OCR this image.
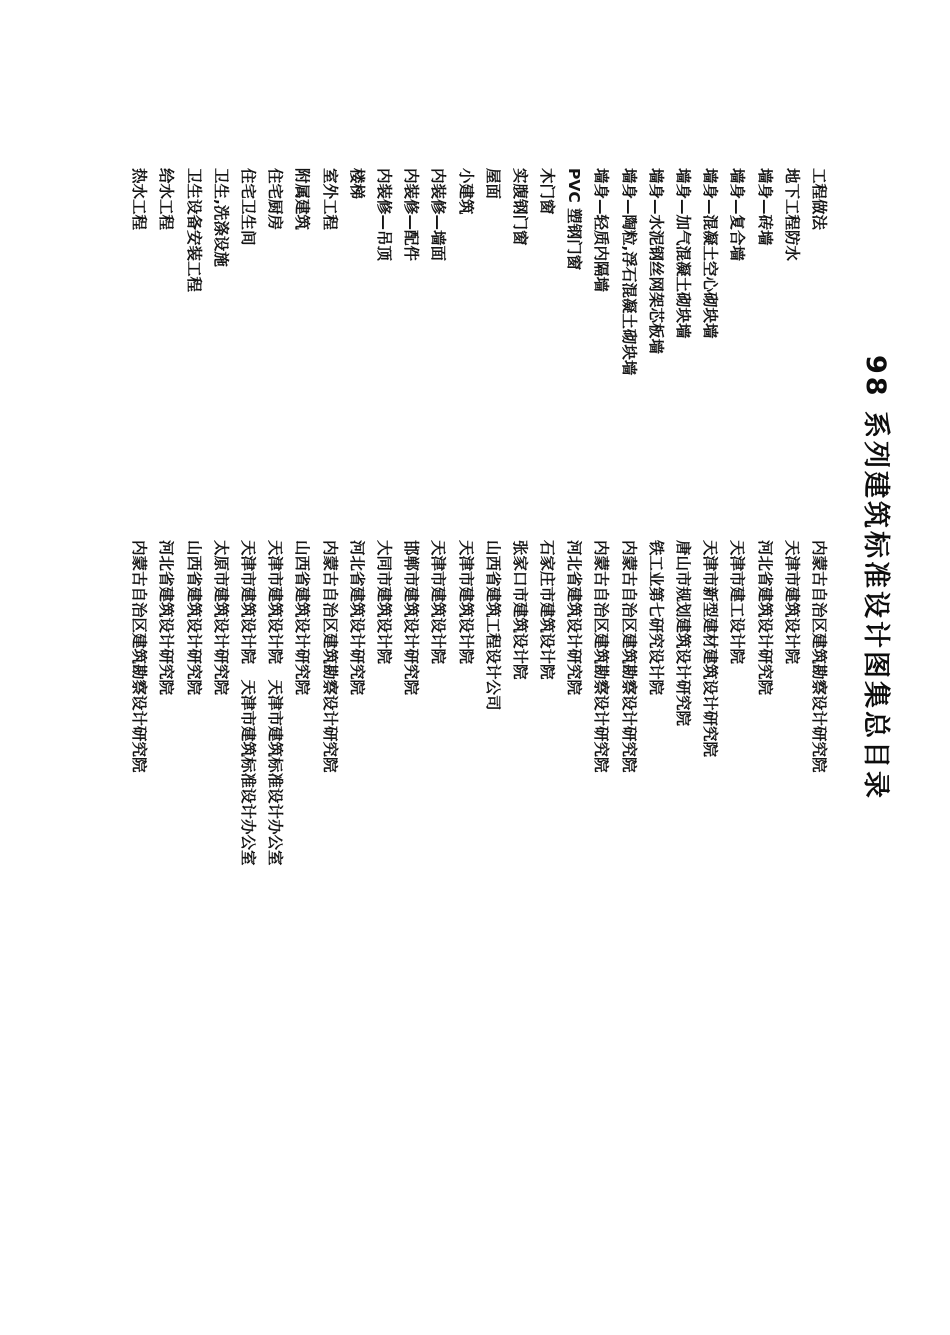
98 系列建筑标准设计图集总目录
工程做法
地下工程防水
墙身—砖墙
墙身—复合墙
墙身—混凝土空心砌块墙
墙身—加气混凝土砌块墙
墙身—水泥钢丝网架芯板墙
墙身—陶粒,浮石混凝土砌块墙
墙身—轻质内隔墙
PVC 塑钢门窗
木门窗
实腹钢门窗
屋面
小建筑
内装修—墙面
内装修—配件
内装修—吊顶
楼梯
室外工程
附属建筑
住宅厨房
住宅卫生间
卫生,洗涤设施
卫生设备安装工程
给水工程
热水工程
内蒙古自治区建筑勘察设计研究院
天津市建筑设计院
河北省建筑设计研究院
天津市建工设计院
天津市新型建材建筑设计研究院
唐山市规划建筑设计研究院
铁工业第七研究设计院
内蒙古自治区建筑勘察设计研究院
内蒙古自治区建筑勘察设计研究院
河北省建筑设计研究院
石家庄市建筑设计院
张家口市建筑设计院
山西省建筑工程设计公司
天津市建筑设计院
天津市建筑设计院
邯郸市建筑设计研究院
大同市建筑设计院
河北省建筑设计研究院
内蒙古自治区建筑勘察设计研究院
山西省建筑设计研究院
天津市建筑设计院　天津市建筑标准设计办公室
天津市建筑设计院　天津市建筑标准设计办公室
太原市建筑设计研究院
山西省建筑设计研究院
河北省建筑设计研究院
内蒙古自治区建筑勘察设计研究院
